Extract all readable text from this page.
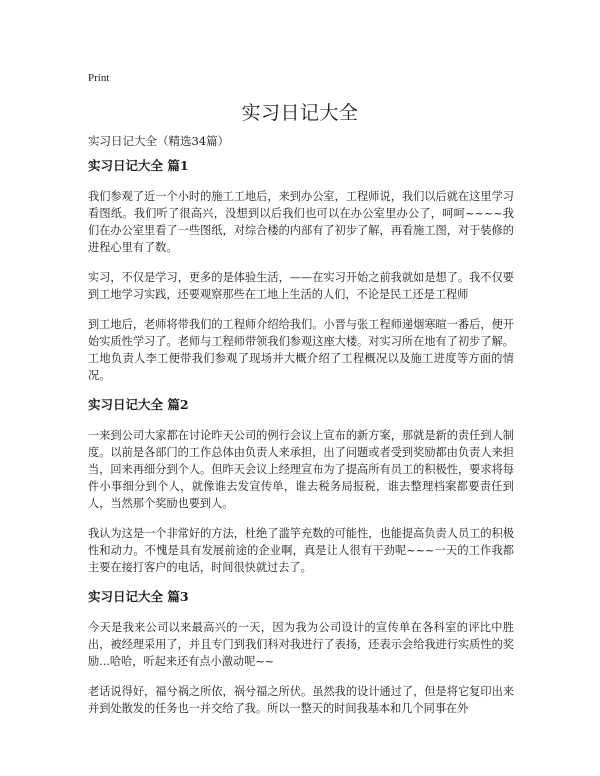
Print
实习日记大全
实习日记大全（精选34篇）
实习日记大全 篇1

我们参观了近一个小时的施工工地后，来到办公室，工程师说，我们以后就在这里学习看图纸。我们听了很高兴，没想到以后我们也可以在办公室里办公了，呵呵~~~~我们在办公室里看了一些图纸，对综合楼的内部有了初步了解，再看施工图，对于装修的进程心里有了数。

实习，不仅是学习，更多的是体验生活，——在实习开始之前我就如是想了。我不仅要到工地学习实践，还要观察那些在工地上生活的人们，不论是民工还是工程师

到工地后，老师将带我们的工程师介绍给我们。小晋与张工程师递烟寒暄一番后，便开始实质性学习了。老师与工程师带领我们参观这座大楼。对实习所在地有了初步了解。工地负责人李工便带我们参观了现场并大概介绍了工程概况以及施工进度等方面的情况。

实习日记大全 篇2

一来到公司大家都在讨论昨天公司的例行会议上宣布的新方案，那就是新的责任到人制度。以前是各部门的工作总体由负责人来承担，出了问题或者受到奖励都由负责人来担当，回来再细分到个人。但昨天会议上经理宣布为了提高所有员工的积极性，要求将每件小事细分到个人，就像谁去发宣传单，谁去税务局报税，谁去整理档案都要责任到人，当然那个奖励也要到人。

我认为这是一个非常好的方法，杜绝了滥竽充数的可能性，也能提高负责人员工的积极性和动力。不愧是具有发展前途的企业啊，真是让人很有干劲呢~~~一天的工作我都主要在接打客户的电话，时间很快就过去了。

实习日记大全 篇3

今天是我来公司以来最高兴的一天，因为我为公司设计的宣传单在各科室的评比中胜出，被经理采用了，并且专门到我们科对我进行了表扬，还表示会给我进行实质性的奖励...哈哈，听起来还有点小激动呢~~

老话说得好，福兮祸之所依，祸兮福之所伏。虽然我的设计通过了，但是将它复印出来并到处散发的任务也一并交给了我。所以一整天的时间我基本和几个同事在外
